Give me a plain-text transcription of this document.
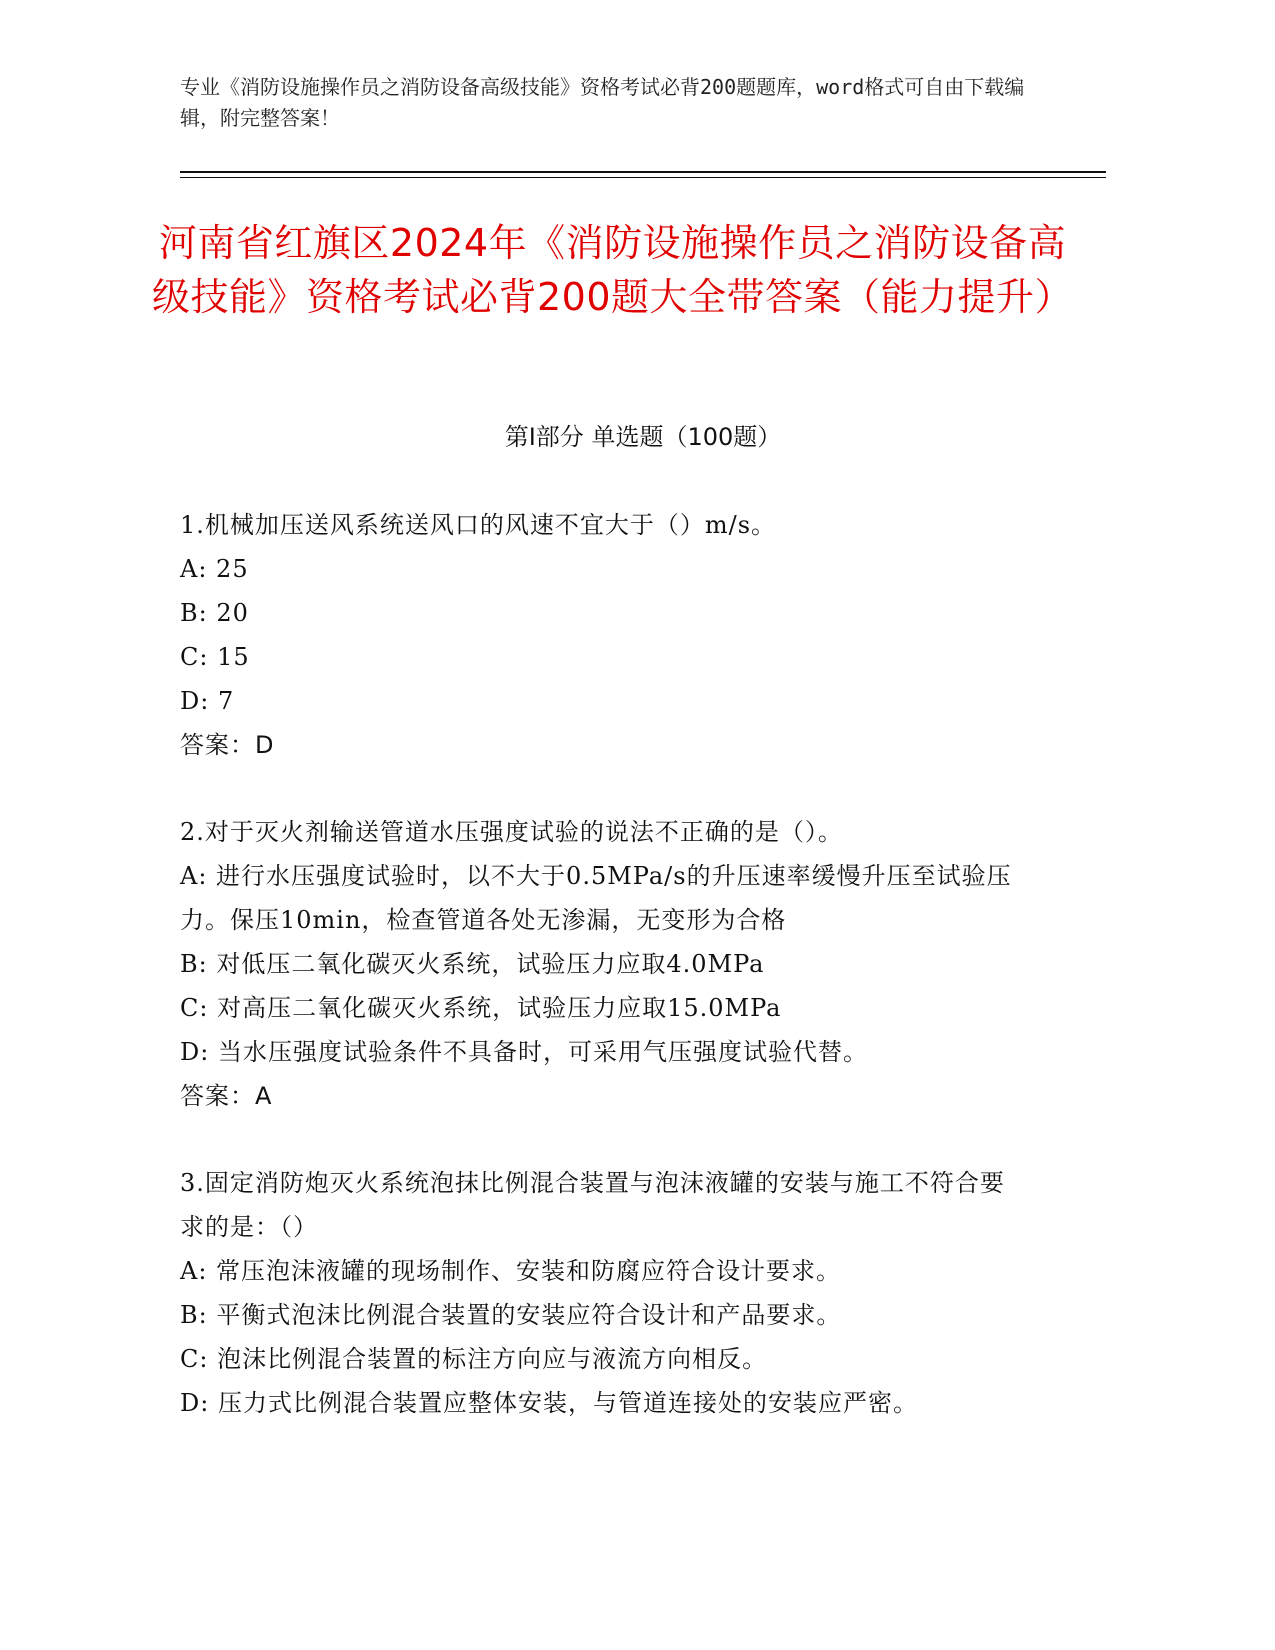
专业《消防设施操作员之消防设备高级技能》资格考试必背200题题库，word格式可自由下载编辑，附完整答案！
河南省红旗区2024年《消防设施操作员之消防设备高级技能》资格考试必背200题大全带答案（能力提升）
第Ⅰ部分 单选题（100题）
1.机械加压送风系统送风口的风速不宜大于（）m/s。
A: 25
B: 20
C: 15
D: 7
答案：D
2.对于灭火剂输送管道水压强度试验的说法不正确的是（）。
A: 进行水压强度试验时，以不大于0.5MPa/s的升压速率缓慢升压至试验压力。保压10min，检查管道各处无渗漏，无变形为合格
B: 对低压二氧化碳灭火系统，试验压力应取4.0MPa
C: 对高压二氧化碳灭火系统，试验压力应取15.0MPa
D: 当水压强度试验条件不具备时，可采用气压强度试验代替。
答案：A
3.固定消防炮灭火系统泡抹比例混合装置与泡沫液罐的安装与施工不符合要求的是：（）
A: 常压泡沫液罐的现场制作、安装和防腐应符合设计要求。
B: 平衡式泡沫比例混合装置的安装应符合设计和产品要求。
C: 泡沫比例混合装置的标注方向应与液流方向相反。
D: 压力式比例混合装置应整体安装，与管道连接处的安装应严密。
